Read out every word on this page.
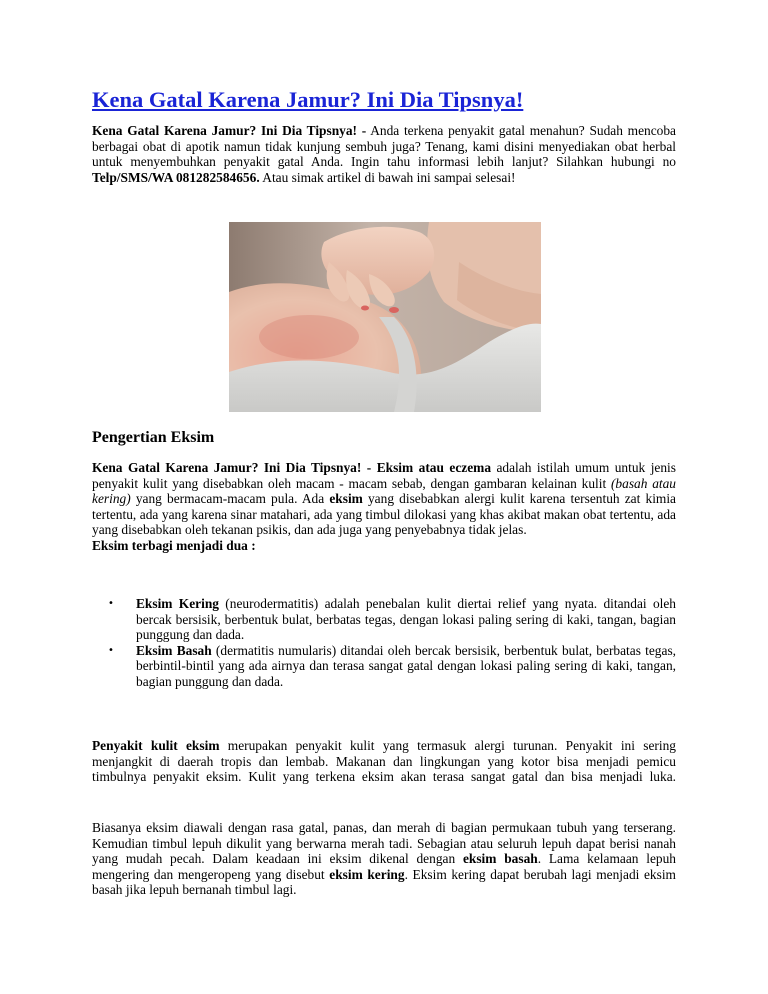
Kena Gatal Karena Jamur? Ini Dia Tipsnya!

Kena Gatal Karena Jamur? Ini Dia Tipsnya! - Anda terkena penyakit gatal menahun? Sudah mencoba berbagai obat di apotik namun tidak kunjung sembuh juga? Tenang, kami disini menyediakan obat herbal untuk menyembuhkan penyakit gatal Anda. Ingin tahu informasi lebih lanjut? Silahkan hubungi no Telp/SMS/WA 081282584656. Atau simak artikel di bawah ini sampai selesai!

Pengertian Eksim

Kena Gatal Karena Jamur? Ini Dia Tipsnya! - Eksim atau eczema adalah istilah umum untuk jenis penyakit kulit yang disebabkan oleh macam - macam sebab, dengan gambaran kelainan kulit (basah atau kering) yang bermacam-macam pula. Ada eksim yang disebabkan alergi kulit karena tersentuh zat kimia tertentu, ada yang karena sinar matahari, ada yang timbul dilokasi yang khas akibat makan obat tertentu, ada yang disebabkan oleh tekanan psikis, dan ada juga yang penyebabnya tidak jelas.

Eksim terbagi menjadi dua :

• Eksim Kering (neurodermatitis) adalah penebalan kulit diertai relief yang nyata. ditandai oleh bercak bersisik, berbentuk bulat, berbatas tegas, dengan lokasi paling sering di kaki, tangan, bagian punggung dan dada.
• Eksim Basah (dermatitis numularis) ditandai oleh bercak bersisik, berbentuk bulat, berbatas tegas, berbintil-bintil yang ada airnya dan terasa sangat gatal dengan lokasi paling sering di kaki, tangan, bagian punggung dan dada.

Penyakit kulit eksim merupakan penyakit kulit yang termasuk alergi turunan. Penyakit ini sering menjangkit di daerah tropis dan lembab. Makanan dan lingkungan yang kotor bisa menjadi pemicu timbulnya penyakit eksim. Kulit yang terkena eksim akan terasa sangat gatal dan bisa menjadi luka.

Biasanya eksim diawali dengan rasa gatal, panas, dan merah di bagian permukaan tubuh yang terserang. Kemudian timbul lepuh dikulit yang berwarna merah tadi. Sebagian atau seluruh lepuh dapat berisi nanah yang mudah pecah. Dalam keadaan ini eksim dikenal dengan eksim basah. Lama kelamaan lepuh mengering dan mengeropeng yang disebut eksim kering. Eksim kering dapat berubah lagi menjadi eksim basah jika lepuh bernanah timbul lagi.
